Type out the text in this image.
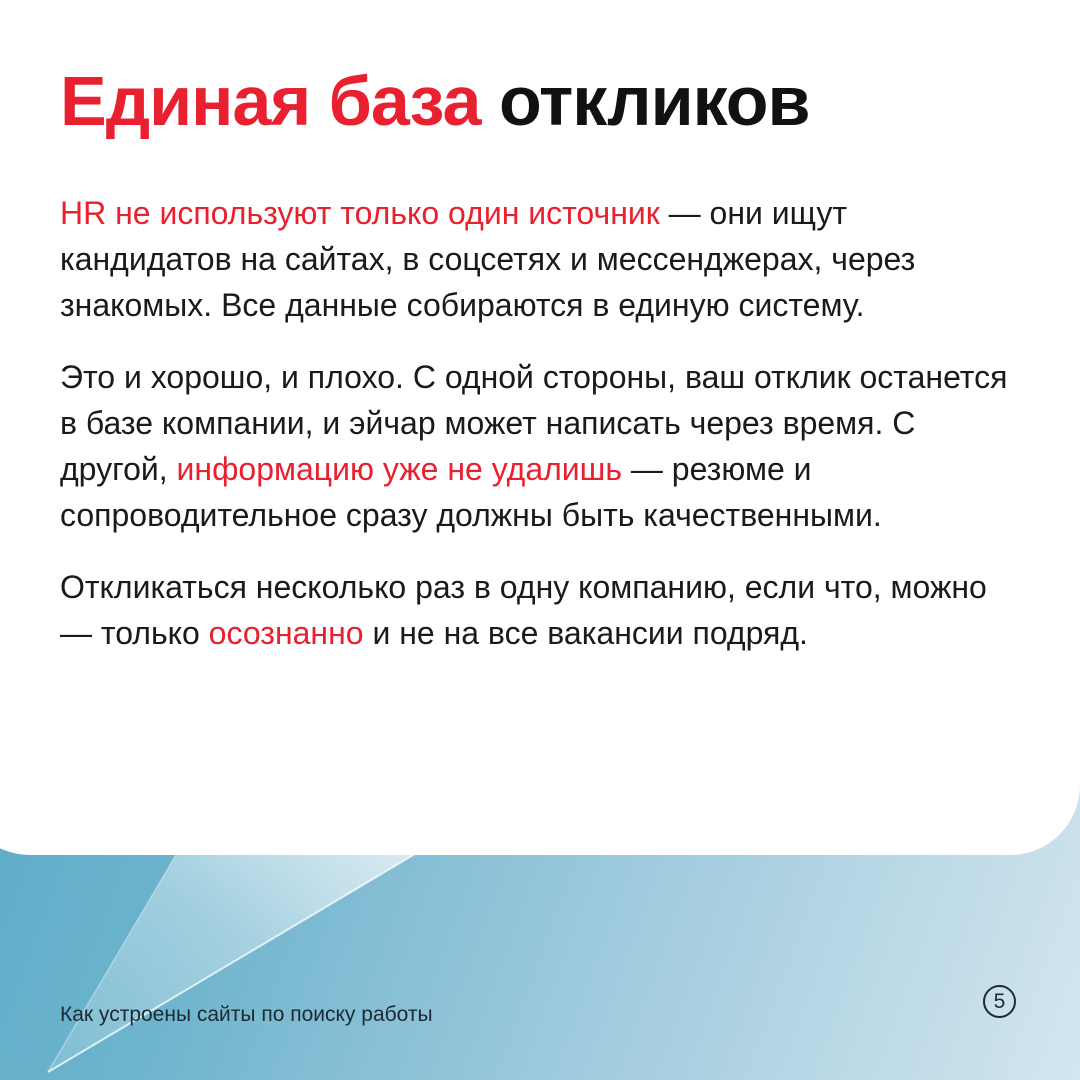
Единая база откликов

HR не используют только один источник — они ищут кандидатов на сайтах, в соцсетях и мессенджерах, через знакомых. Все данные собираются в единую систему.

Это и хорошо, и плохо. С одной стороны, ваш отклик останется в базе компании, и эйчар может написать через время. С другой, информацию уже не удалишь — резюме и сопроводительное сразу должны быть качественными.

Откликаться несколько раз в одну компанию, если что, можно — только осознанно и не на все вакансии подряд.

Как устроены сайты по поиску работы
5
